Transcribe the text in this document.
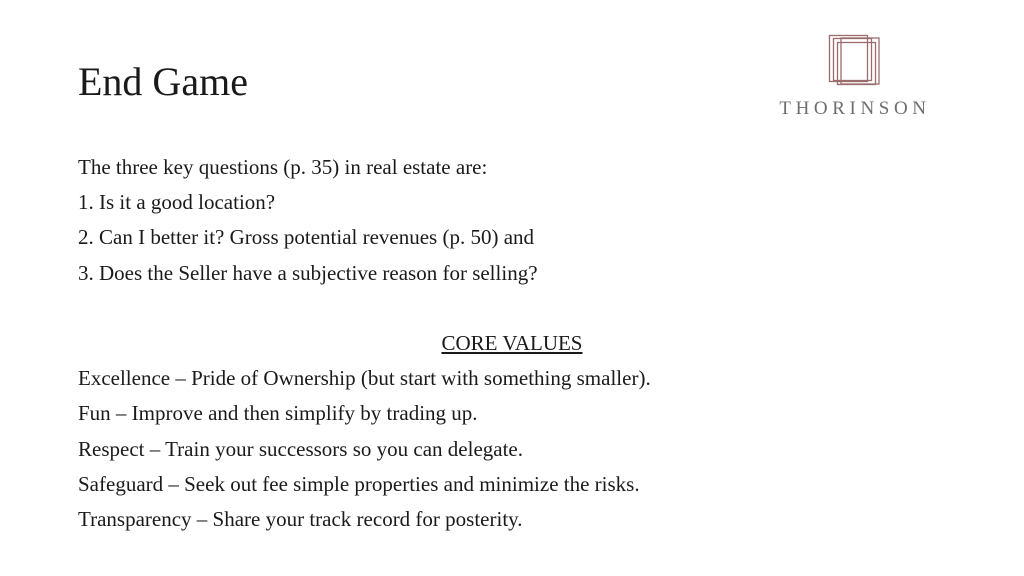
End Game
THORINSON
The three key questions (p. 35) in real estate are:
1. Is it a good location?
2. Can I better it? Gross potential revenues (p. 50) and
3. Does the Seller have a subjective reason for selling?
CORE VALUES
Excellence – Pride of Ownership (but start with something smaller).
Fun – Improve and then simplify by trading up.
Respect – Train your successors so you can delegate.
Safeguard – Seek out fee simple properties and minimize the risks.
Transparency – Share your track record for posterity.
